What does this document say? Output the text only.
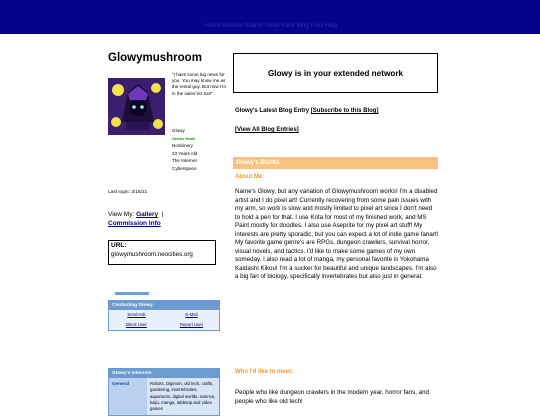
Home Browse Search Invite Rank Blog Favs Help
Glowymushroom
"I have some big news for you. You may know me as the rental guy. But now I'm in the sales biz too!"
Glowy
Online Now!
Nonbinary
23 Years old
The Internet
Cyberspace
Last login: 3/15/21
View My: Gallery  |
Commission Info
URL:
glowymushroom.neocities.org
Contacting Glowy
Send Ask	E-Mail
Block User	Report User
Glowy's Interests
General	Robots, Digimon, old tech, crafts, gardening, invertebrates, aquariums, digital worlds, science, kaiju, manga, tabletop and video games
Glowy is in your extended network
Glowy's Latest Blog Entry [Subscribe to this Blog]
[View All Blog Entries]
Glowy's Blurbs
About Me:
Name's Glowy, but any variation of Glowymushroom works! I'm a disabled artist and I do pixel art! Currently recovering from some pain issues with my arm, so work is slow and mostly limited to pixel art since I don't need to hold a pen for that. I use Krita for most of my finished work, and MS Paint mostly for doodles. I also use Aseprite for my pixel art stuff! My interests are pretty sporadic, but you can expect a lot of indie game fanart! My favorite game genre's are RPGs, dungeon crawlers, survival horror, visual novels, and tactics. I'd like to make some games of my own someday. I also read a lot of manga, my personal favorite is Yokohama Kaidashi Kikou! I'm a sucker for beautiful and unique landscapes. I'm also a big fan of biology, specifically invertebrates but also just in general.
Who I'd like to meet:
People who like dungeon crawlers in the modern year, horror fans, and people who like old tech!
